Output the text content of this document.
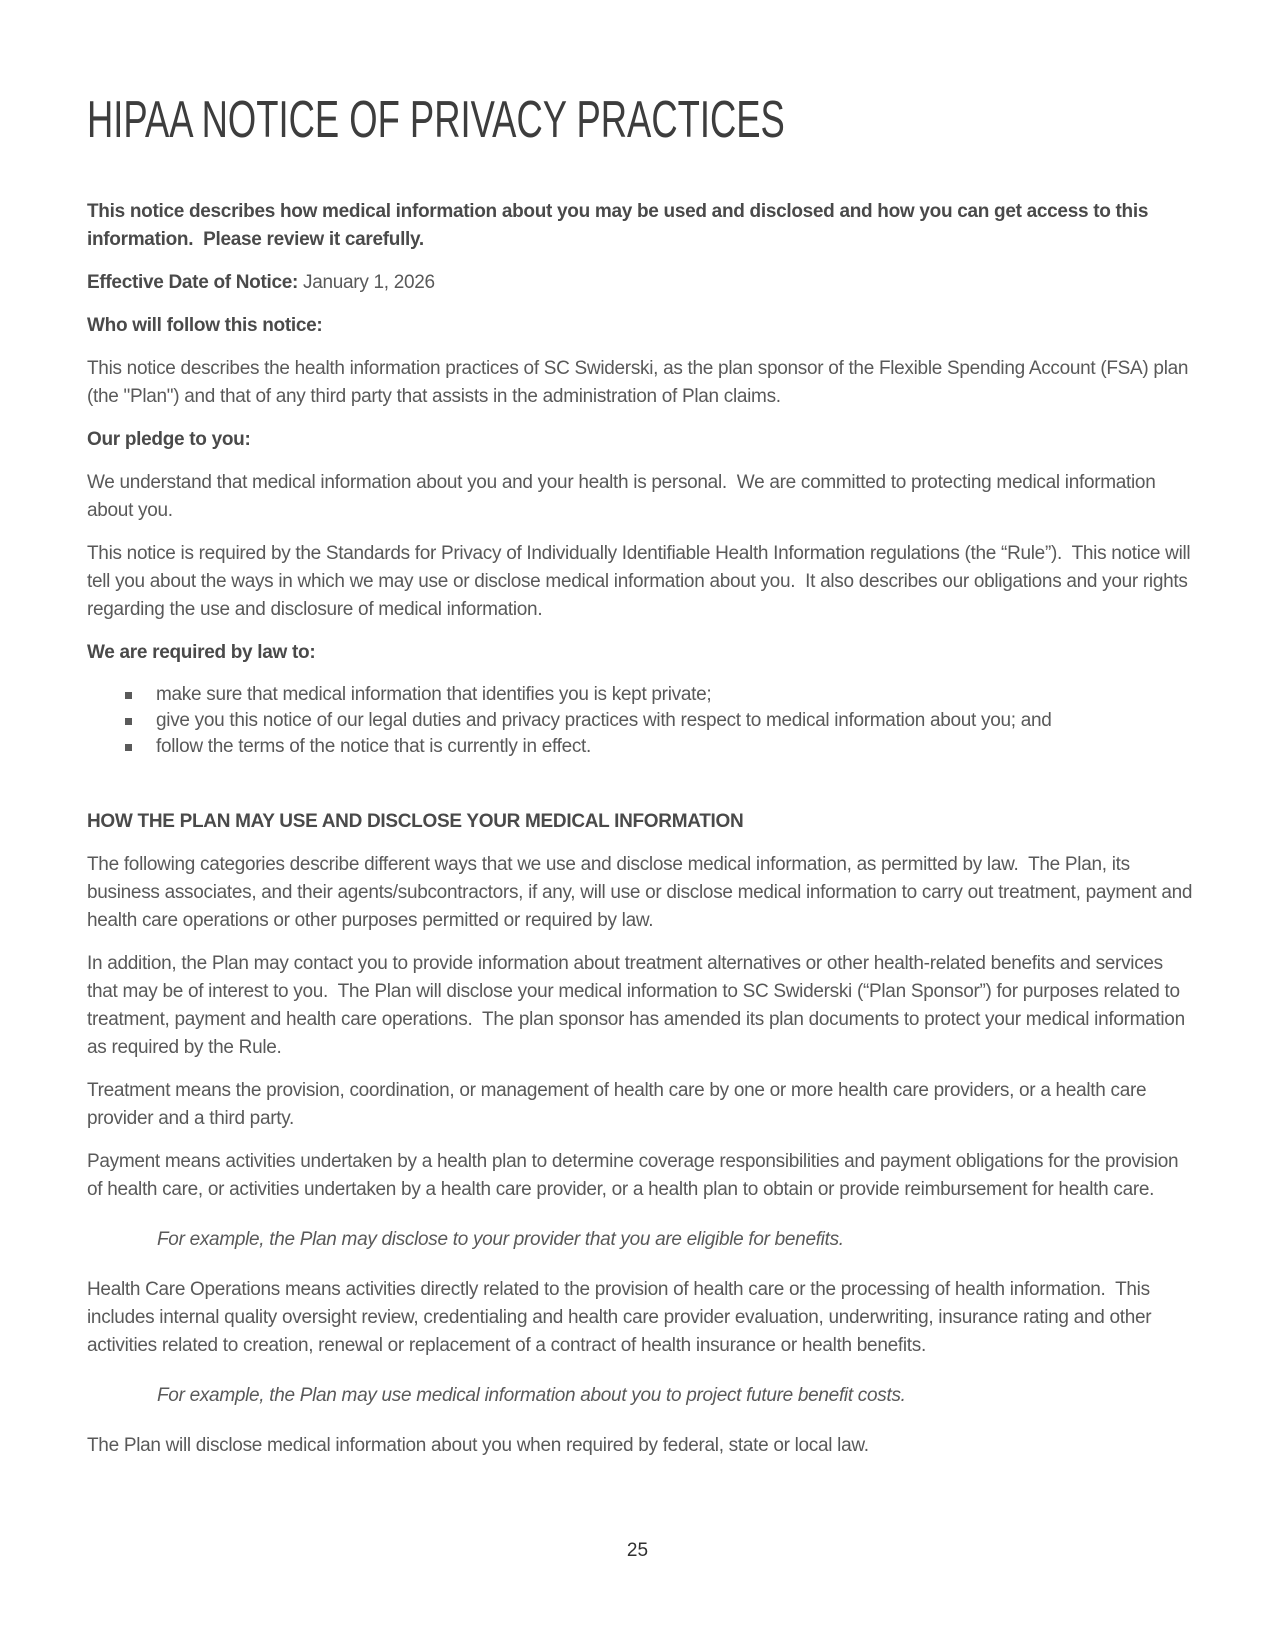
HIPAA NOTICE OF PRIVACY PRACTICES

This notice describes how medical information about you may be used and disclosed and how you can get access to this information.  Please review it carefully.

Effective Date of Notice: January 1, 2026

Who will follow this notice:

This notice describes the health information practices of SC Swiderski, as the plan sponsor of the Flexible Spending Account (FSA) plan (the "Plan") and that of any third party that assists in the administration of Plan claims.

Our pledge to you:

We understand that medical information about you and your health is personal.  We are committed to protecting medical information about you.

This notice is required by the Standards for Privacy of Individually Identifiable Health Information regulations (the “Rule”).  This notice will tell you about the ways in which we may use or disclose medical information about you.  It also describes our obligations and your rights regarding the use and disclosure of medical information.

We are required by law to:
make sure that medical information that identifies you is kept private;
give you this notice of our legal duties and privacy practices with respect to medical information about you; and
follow the terms of the notice that is currently in effect.
HOW THE PLAN MAY USE AND DISCLOSE YOUR MEDICAL INFORMATION

The following categories describe different ways that we use and disclose medical information, as permitted by law.  The Plan, its business associates, and their agents/subcontractors, if any, will use or disclose medical information to carry out treatment, payment and health care operations or other purposes permitted or required by law.

In addition, the Plan may contact you to provide information about treatment alternatives or other health-related benefits and services that may be of interest to you.  The Plan will disclose your medical information to SC Swiderski (“Plan Sponsor”) for purposes related to treatment, payment and health care operations.  The plan sponsor has amended its plan documents to protect your medical information as required by the Rule.

Treatment means the provision, coordination, or management of health care by one or more health care providers, or a health care provider and a third party.

Payment means activities undertaken by a health plan to determine coverage responsibilities and payment obligations for the provision of health care, or activities undertaken by a health care provider, or a health plan to obtain or provide reimbursement for health care.

For example, the Plan may disclose to your provider that you are eligible for benefits.

Health Care Operations means activities directly related to the provision of health care or the processing of health information.  This includes internal quality oversight review, credentialing and health care provider evaluation, underwriting, insurance rating and other activities related to creation, renewal or replacement of a contract of health insurance or health benefits.

For example, the Plan may use medical information about you to project future benefit costs.

The Plan will disclose medical information about you when required by federal, state or local law.

25
